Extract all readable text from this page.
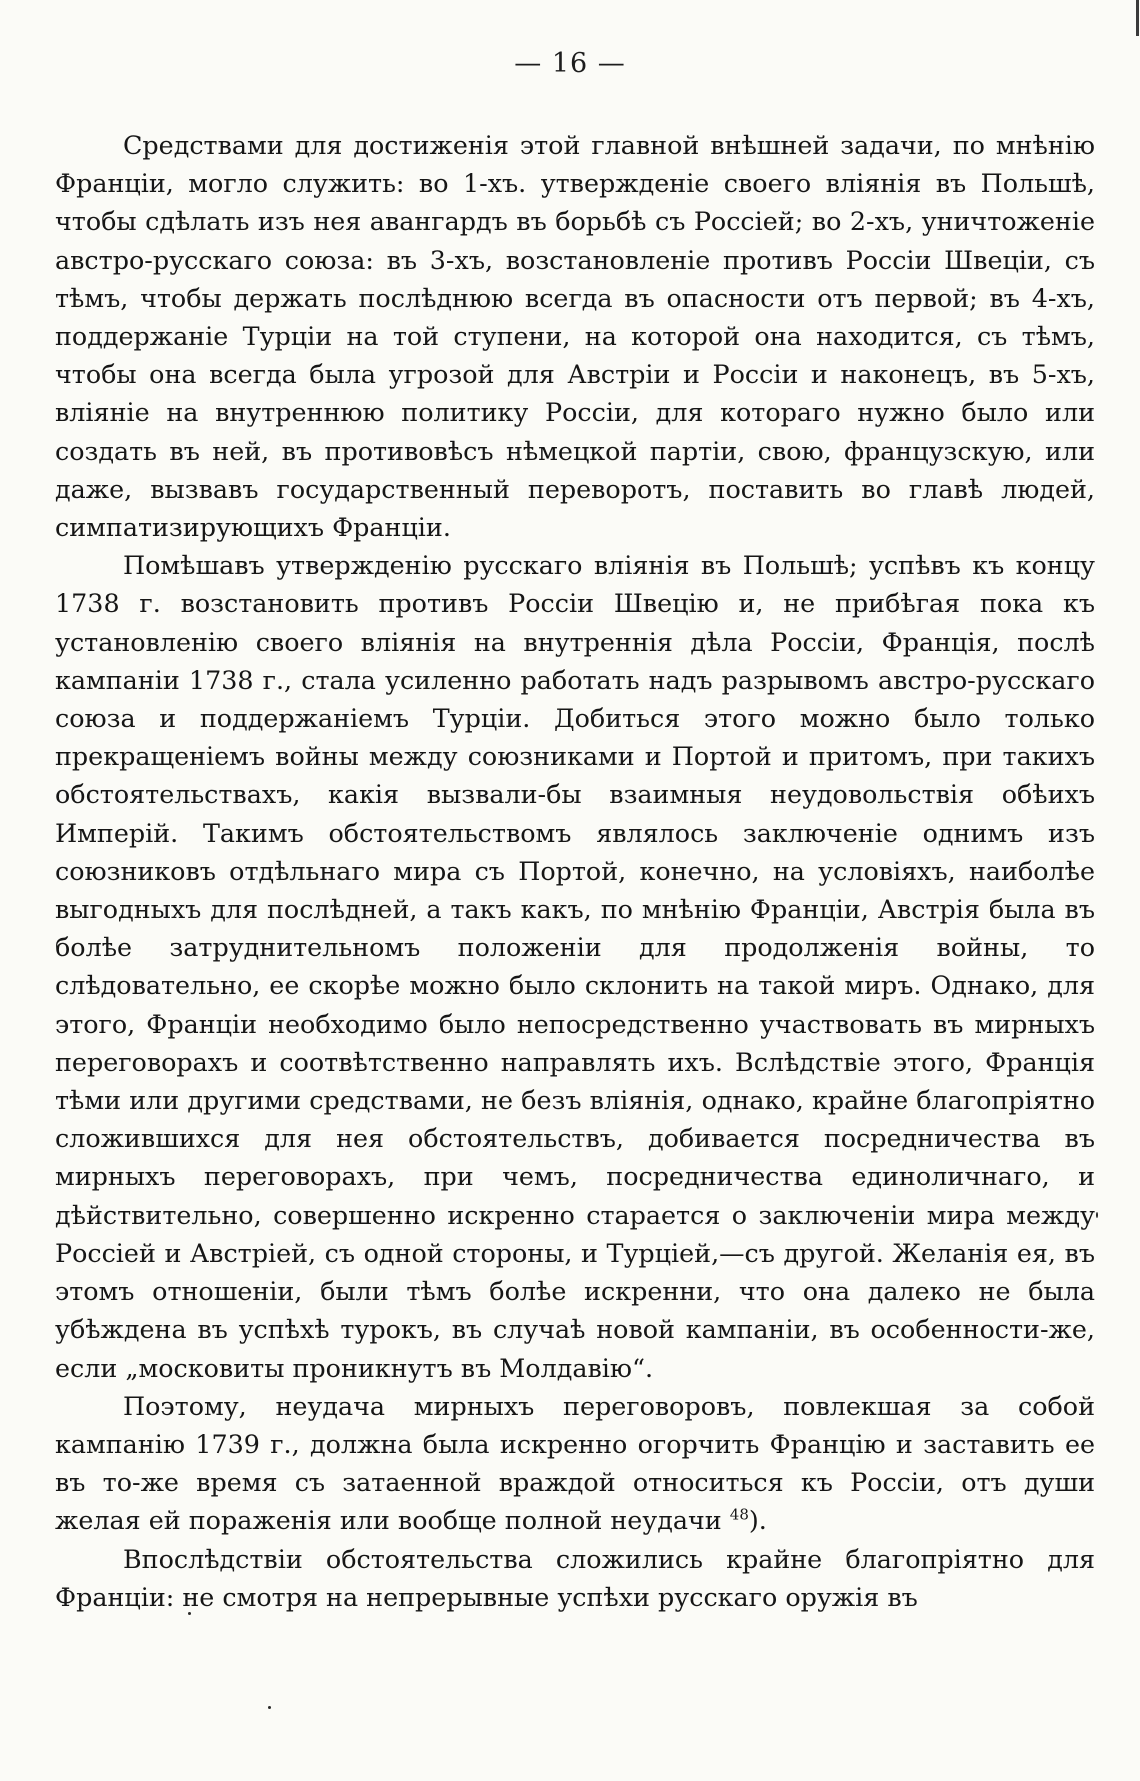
— 16 —

Средствами для достиженія этой главной внѣшней задачи, по мнѣнію Франціи, могло служить: во 1-хъ. утвержденіе своего вліянія въ Польшѣ, чтобы сдѣлать изъ нея авангардъ въ борьбѣ съ Россіей; во 2-хъ, уничтоженіе австро-русскаго союза: въ 3-хъ, возстановленіе противъ Россіи Швеціи, съ тѣмъ, чтобы держать послѣднюю всегда въ опасности отъ первой; въ 4-хъ, поддержаніе Турціи на той ступени, на которой она находится, съ тѣмъ, чтобы она всегда была угрозой для Австріи и Россіи и наконецъ, въ 5-хъ, вліяніе на внутреннюю политику Россіи, для котораго нужно было или создать въ ней, въ противовѣсъ нѣмецкой партіи, свою, французскую, или даже, вызвавъ государственный переворотъ, поставить во главѣ людей, симпатизирующихъ Франціи.

Помѣшавъ утвержденію русскаго вліянія въ Польшѣ; успѣвъ къ концу 1738 г. возстановить противъ Россіи Швецію и, не прибѣгая пока къ установленію своего вліянія на внутреннія дѣла Россіи, Франція, послѣ кампаніи 1738 г., стала усиленно работать надъ разрывомъ австро-русскаго союза и поддержаніемъ Турціи. Добиться этого можно было только прекращеніемъ войны между союзниками и Портой и притомъ, при такихъ обстоятельствахъ, какія вызвали-бы взаимныя неудовольствія обѣихъ Имперій. Такимъ обстоятельствомъ являлось заключеніе однимъ изъ союзниковъ отдѣльнаго мира съ Портой, конечно, на условіяхъ, наиболѣе выгодныхъ для послѣдней, а такъ какъ, по мнѣнію Франціи, Австрія была въ болѣе затруднительномъ положеніи для продолженія войны, то слѣдовательно, ее скорѣе можно было склонить на такой миръ. Однако, для этого, Франціи необходимо было непосредственно участвовать въ мирныхъ переговорахъ и соотвѣтственно направлять ихъ. Вслѣдствіе этого, Франція тѣми или другими средствами, не безъ вліянія, однако, крайне благопріятно сложившихся для нея обстоятельствъ, добивается посредничества въ мирныхъ переговорахъ, при чемъ, посредничества единоличнаго, и дѣйствительно, совершенно искренно старается о заключеніи мира между Россіей и Австріей, съ одной стороны, и Турціей,—съ другой. Желанія ея, въ этомъ отношеніи, были тѣмъ болѣе искренни, что она далеко не была убѣждена въ успѣхѣ турокъ, въ случаѣ новой кампаніи, въ особенности-же, если „московиты проникнутъ въ Молдавію“.

Поэтому, неудача мирныхъ переговоровъ, повлекшая за собой кампанію 1739 г., должна была искренно огорчить Францію и заставить ее въ то-же время съ затаенной враждой относиться къ Россіи, отъ души желая ей пораженія или вообще полной неудачи $^{48}$).

Впослѣдствіи обстоятельства сложились крайне благопріятно для Франціи: не смотря на непрерывные успѣхи русскаго оружія въ
